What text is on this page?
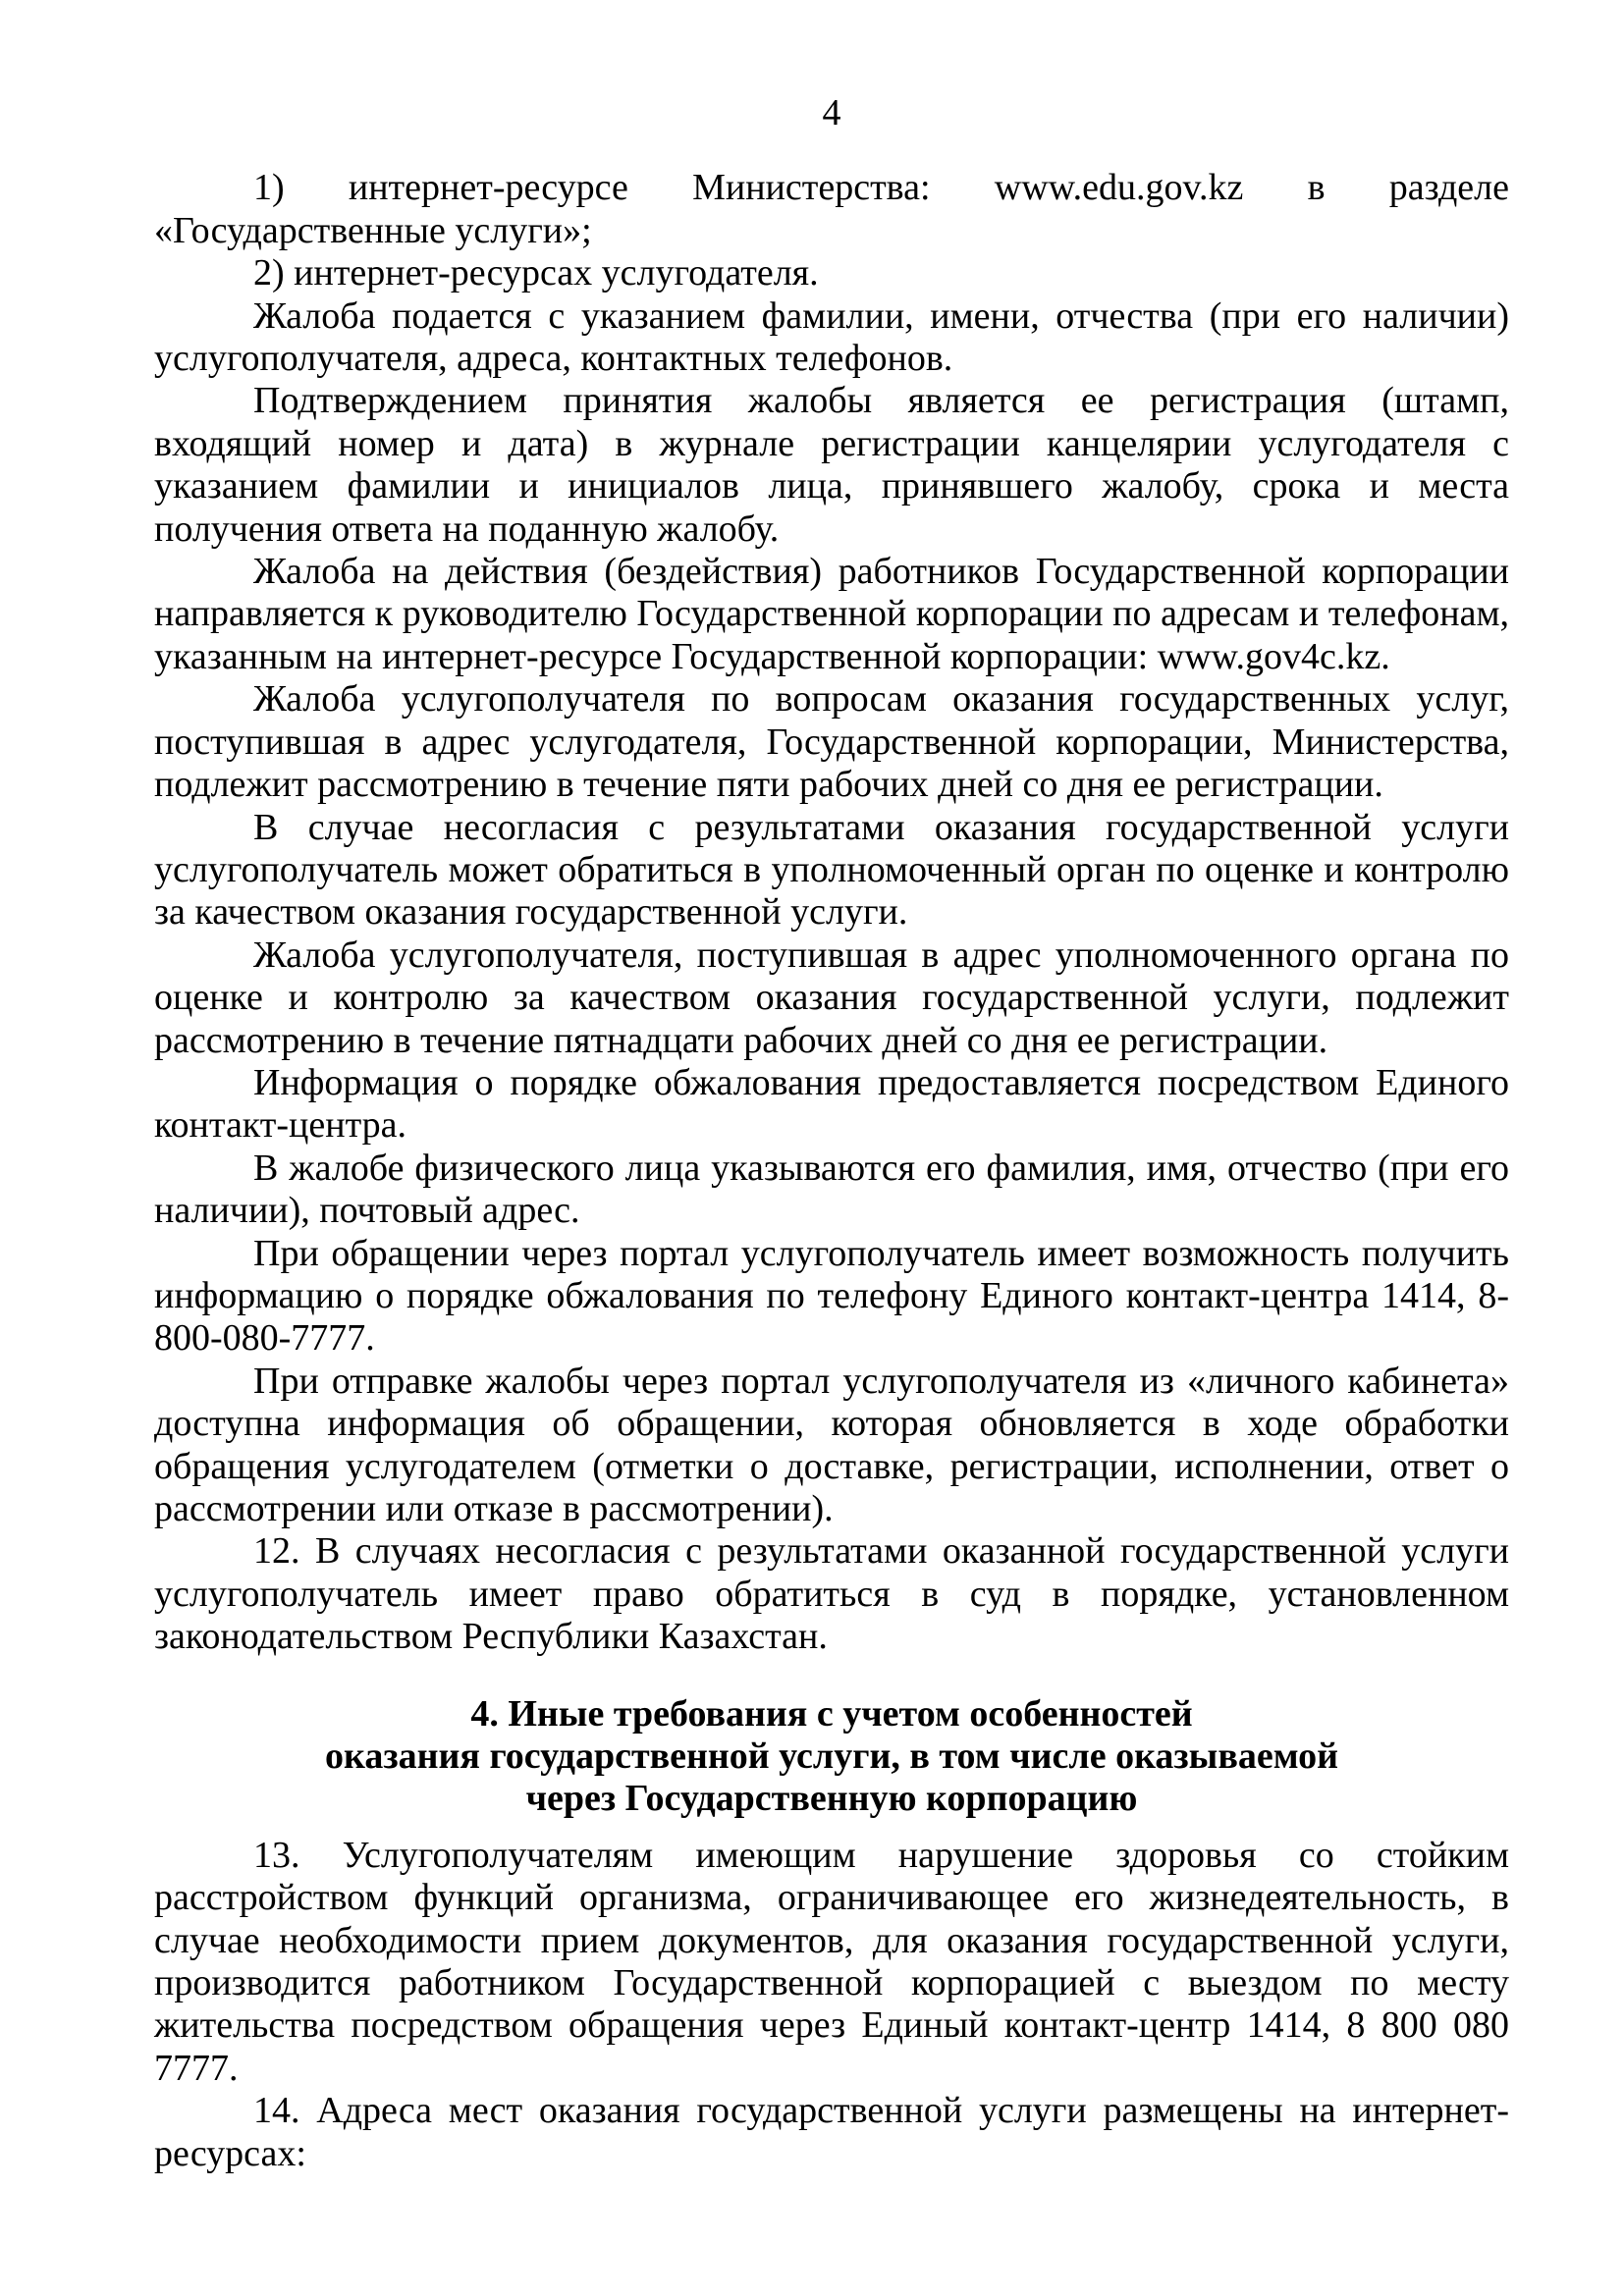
4

1) интернет-ресурсе Министерства: www.edu.gov.kz в разделе «Государственные услуги»;

2) интернет-ресурсах услугодателя.

Жалоба подается с указанием фамилии, имени, отчества (при его наличии) услугополучателя, адреса, контактных телефонов.

Подтверждением принятия жалобы является ее регистрация (штамп, входящий номер и дата) в журнале регистрации канцелярии услугодателя с указанием фамилии и инициалов лица, принявшего жалобу, срока и места получения ответа на поданную жалобу.

Жалоба на действия (бездействия) работников Государственной корпорации направляется к руководителю Государственной корпорации по адресам и телефонам, указанным на интернет-ресурсе Государственной корпорации: www.gov4c.kz.

Жалоба услугополучателя по вопросам оказания государственных услуг, поступившая в адрес услугодателя, Государственной корпорации, Министерства, подлежит рассмотрению в течение пяти рабочих дней со дня ее регистрации.

В случае несогласия с результатами оказания государственной услуги услугополучатель может обратиться в уполномоченный орган по оценке и контролю за качеством оказания государственной услуги.

Жалоба услугополучателя, поступившая в адрес уполномоченного органа по оценке и контролю за качеством оказания государственной услуги, подлежит рассмотрению в течение пятнадцати рабочих дней со дня ее регистрации.

Информация о порядке обжалования предоставляется посредством Единого контакт-центра.

В жалобе физического лица указываются его фамилия, имя, отчество (при его наличии), почтовый адрес.

При обращении через портал услугополучатель имеет возможность получить информацию о порядке обжалования по телефону Единого контакт-центра 1414, 8-800-080-7777.

При отправке жалобы через портал услугополучателя из «личного кабинета» доступна информация об обращении, которая обновляется в ходе обработки обращения услугодателем (отметки о доставке, регистрации, исполнении, ответ о рассмотрении или отказе в рассмотрении).

12. В случаях несогласия с результатами оказанной государственной услуги услугополучатель имеет право обратиться в суд в порядке, установленном законодательством Республики Казахстан.

4. Иные требования с учетом особенностей
оказания государственной услуги, в том числе оказываемой
через Государственную корпорацию

13. Услугополучателям имеющим нарушение здоровья со стойким расстройством функций организма, ограничивающее его жизнедеятельность, в случае необходимости прием документов, для оказания государственной услуги, производится работником Государственной корпорацией с выездом по месту жительства посредством обращения через Единый контакт-центр 1414, 8 800 080 7777.

14. Адреса мест оказания государственной услуги размещены на интернет-ресурсах:
